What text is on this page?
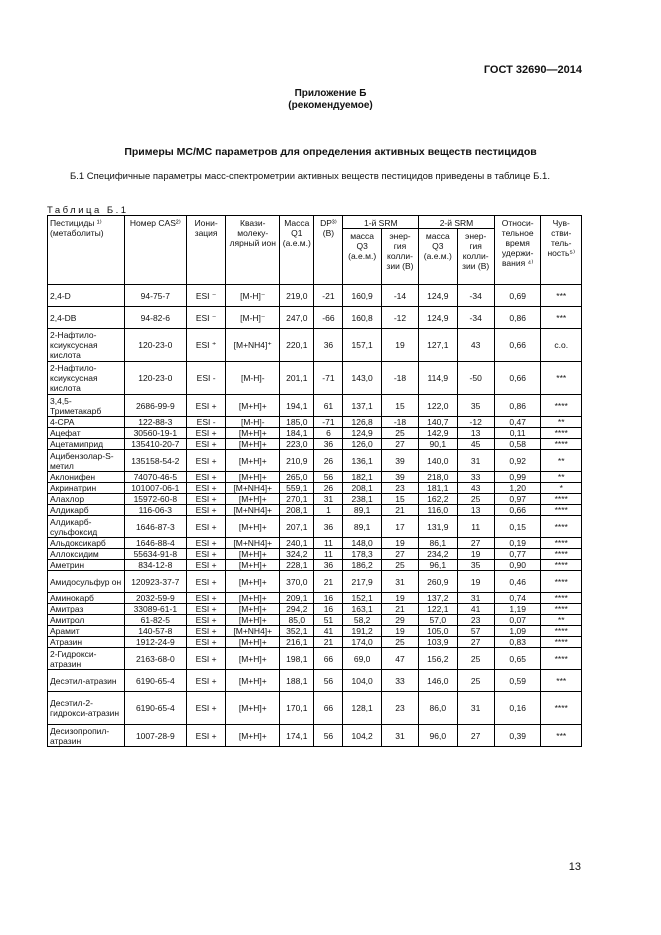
ГОСТ 32690—2014
Приложение Б
(рекомендуемое)
Примеры МС/МС параметров для определения активных веществ пестицидов
Б.1 Специфичные параметры масс-спектрометрии активных веществ пестицидов приведены в таблице Б.1.
Таблица Б.1
Пестициды ¹⁾ (метаболиты)	Номер CAS²⁾	Иони-зация	Квази-молеку-лярный ион	Масса Q1 (а.е.м.)	DP³⁾ (B)	1-й SRM		2-й SRM		Относи-тельное время удержи-вания ⁴⁾	Чув-стви-тель-ность⁵⁾
						масса Q3 (а.е.м.)	энер-гия колли-зии (B)	масса Q3 (а.е.м.)	энер-гия колли-зии (B)		
2,4-D	94-75-7	ESI ⁻	[M-H]⁻	219,0	-21	160,9	-14	124,9	-34	0,69	***
2,4-DB	94-82-6	ESI ⁻	[M-H]⁻	247,0	-66	160,8	-12	124,9	-34	0,86	***
2-Нафтило-ксиуксусная кислота	120-23-0	ESI ⁺	[M+NH4]⁺	220,1	36	157,1	19	127,1	43	0,66	с.о.
2-Нафтило-ксиуксусная кислота	120-23-0	ESI -	[M-H]-	201,1	-71	143,0	-18	114,9	-50	0,66	***
3,4,5-Триметакарб	2686-99-9	ESI +	[M+H]+	194,1	61	137,1	15	122,0	35	0,86	****
4-CPA	122-88-3	ESI -	[M-H]-	185,0	-71	126,8	-18	140,7	-12	0,47	**
Ацефат	30560-19-1	ESI +	[M+H]+	184,1	6	124,9	25	142,9	13	0,11	****
Ацетамиприд	135410-20-7	ESI +	[M+H]+	223,0	36	126,0	27	90,1	45	0,58	****
Ацибензолар-S-метил	135158-54-2	ESI +	[M+H]+	210,9	26	136,1	39	140,0	31	0,92	**
Аклонифен	74070-46-5	ESI +	[M+H]+	265,0	56	182,1	39	218,0	33	0,99	**
Акринатрин	101007-06-1	ESI +	[M+NH4]+	559,1	26	208,1	23	181,1	43	1,20	*
Алахлор	15972-60-8	ESI +	[M+H]+	270,1	31	238,1	15	162,2	25	0,97	****
Алдикарб	116-06-3	ESI +	[M+NH4]+	208,1	1	89,1	21	116,0	13	0,66	****
Алдикарб-сульфоксид	1646-87-3	ESI +	[M+H]+	207,1	36	89,1	17	131,9	11	0,15	****
Альдоксикарб	1646-88-4	ESI +	[M+NH4]+	240,1	11	148,0	19	86,1	27	0,19	****
Аллоксидим	55634-91-8	ESI +	[M+H]+	324,2	11	178,3	27	234,2	19	0,77	****
Аметрин	834-12-8	ESI +	[M+H]+	228,1	36	186,2	25	96,1	35	0,90	****
Амидосульфур он	120923-37-7	ESI +	[M+H]+	370,0	21	217,9	31	260,9	19	0,46	****
Аминокарб	2032-59-9	ESI +	[M+H]+	209,1	16	152,1	19	137,2	31	0,74	****
Амитраз	33089-61-1	ESI +	[M+H]+	294,2	16	163,1	21	122,1	41	1,19	****
Амитрол	61-82-5	ESI +	[M+H]+	85,0	51	58,2	29	57,0	23	0,07	**
Арамит	140-57-8	ESI +	[M+NH4]+	352,1	41	191,2	19	105,0	57	1,09	****
Атразин	1912-24-9	ESI +	[M+H]+	216,1	21	174,0	25	103,9	27	0,83	****
2-Гидрокси-атразин	2163-68-0	ESI +	[M+H]+	198,1	66	69,0	47	156,2	25	0,65	****
Десэтил-атразин	6190-65-4	ESI +	[M+H]+	188,1	56	104,0	33	146,0	25	0,59	***
Десэтил-2-гидрокси-атразин	6190-65-4	ESI +	[M+H]+	170,1	66	128,1	23	86,0	31	0,16	****
Десизопропил-атразин	1007-28-9	ESI +	[M+H]+	174,1	56	104,2	31	96,0	27	0,39	***
13
